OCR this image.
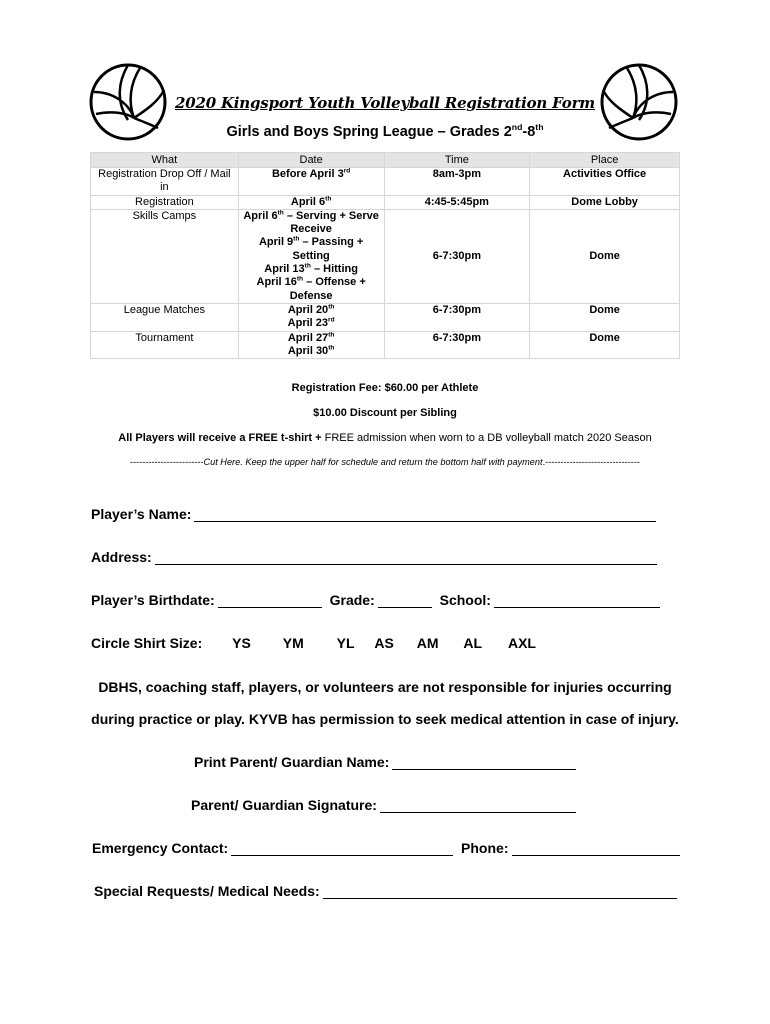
2020 Kingsport Youth Volleyball Registration Form
Girls and Boys Spring League – Grades 2nd-8th
What	Date	Time	Place
Registration Drop Off / Mail in	Before April 3rd	8am-3pm	Activities Office
Registration	April 6th	4:45-5:45pm	Dome Lobby
Skills Camps	April 6th – Serving + Serve Receive
April 9th – Passing + Setting
April 13th – Hitting
April 16th – Offense + Defense	6-7:30pm	Dome
League Matches	April 20th
April 23rd	6-7:30pm	Dome
Tournament	April 27th
April 30th	6-7:30pm	Dome
Registration Fee: $60.00 per Athlete
$10.00 Discount per Sibling
All Players will receive a FREE t-shirt + FREE admission when worn to a DB volleyball match 2020 Season
------------------------Cut Here. Keep the upper half for schedule and return the bottom half with payment.-------------------------------
Player’s Name:
Address:
Player’s Birthdate:	Grade:	School:
Circle Shirt Size: YS YM YL AS AM AL AXL
DBHS, coaching staff, players, or volunteers are not responsible for injuries occurring
during practice or play. KYVB has permission to seek medical attention in case of injury.
Print Parent/ Guardian Name:
Parent/ Guardian Signature:
Emergency Contact:	Phone:
Special Requests/ Medical Needs:
